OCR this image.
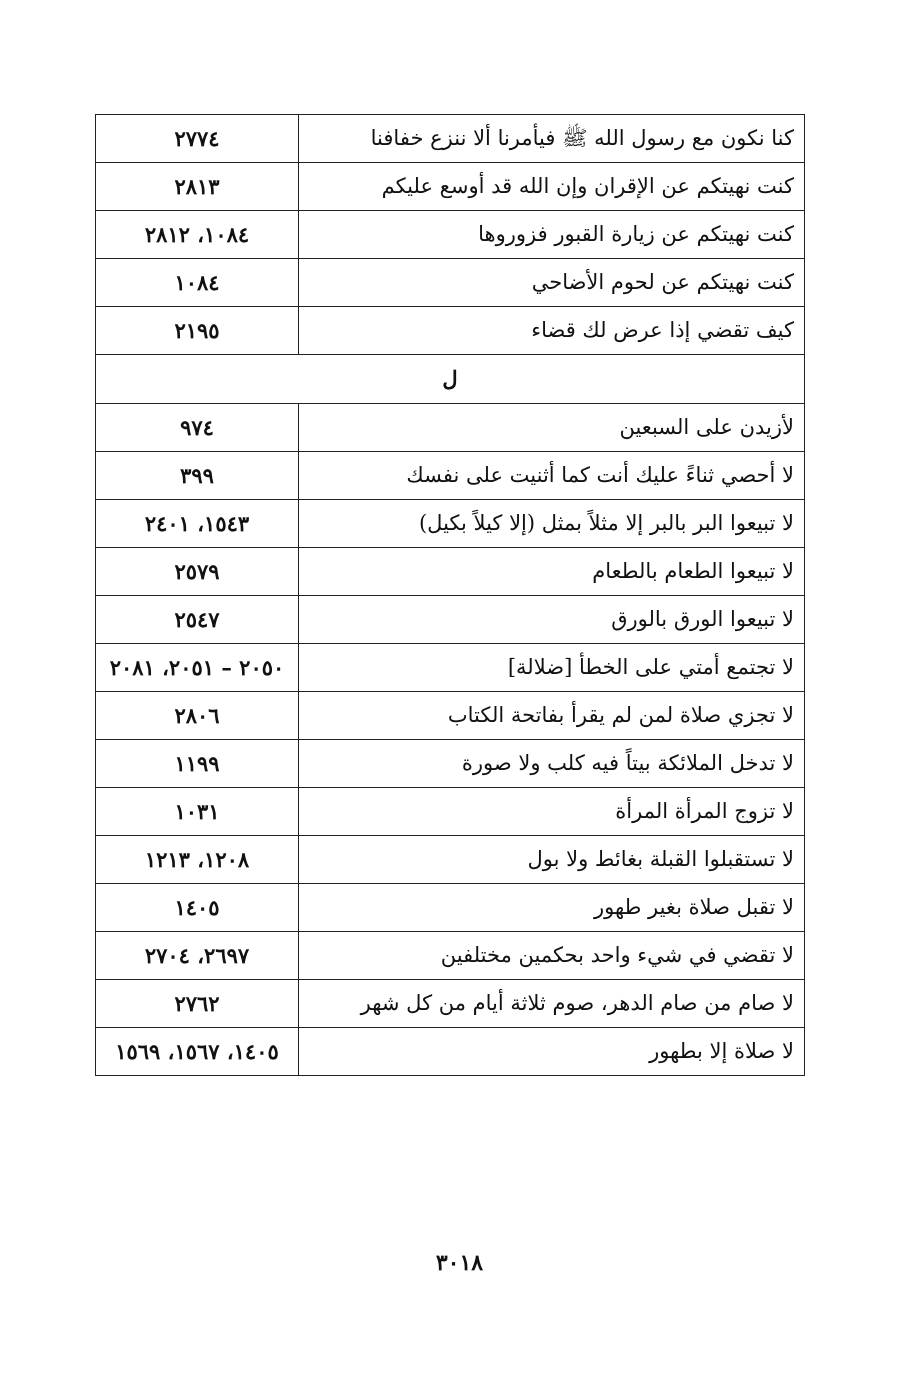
كنا نكون مع رسول الله ﷺ فيأمرنا ألا ننزع خفافنا	٢٧٧٤
كنت نهيتكم عن الإقران وإن الله قد أوسع عليكم	٢٨١٣
كنت نهيتكم عن زيارة القبور فزوروها	١٠٨٤، ٢٨١٢
كنت نهيتكم عن لحوم الأضاحي	١٠٨٤
كيف تقضي إذا عرض لك قضاء	٢١٩٥
ل	
لأزيدن على السبعين	٩٧٤
لا أحصي ثناءً عليك أنت كما أثنيت على نفسك	٣٩٩
لا تبيعوا البر بالبر إلا مثلاً بمثل (إلا كيلاً بكيل)	١٥٤٣، ٢٤٠١
لا تبيعوا الطعام بالطعام	٢٥٧٩
لا تبيعوا الورق بالورق	٢٥٤٧
لا تجتمع أمتي على الخطأ [ضلالة]	٢٠٥٠ – ٢٠٥١، ٢٠٨١
لا تجزي صلاة لمن لم يقرأ بفاتحة الكتاب	٢٨٠٦
لا تدخل الملائكة بيتاً فيه كلب ولا صورة	١١٩٩
لا تزوج المرأة المرأة	١٠٣١
لا تستقبلوا القبلة بغائط ولا بول	١٢٠٨، ١٢١٣
لا تقبل صلاة بغير طهور	١٤٠٥
لا تقضي في شيء واحد بحكمين مختلفين	٢٦٩٧، ٢٧٠٤
لا صام من صام الدهر، صوم ثلاثة أيام من كل شهر	٢٧٦٢
لا صلاة إلا بطهور	١٤٠٥، ١٥٦٧، ١٥٦٩
٣٠١٨
